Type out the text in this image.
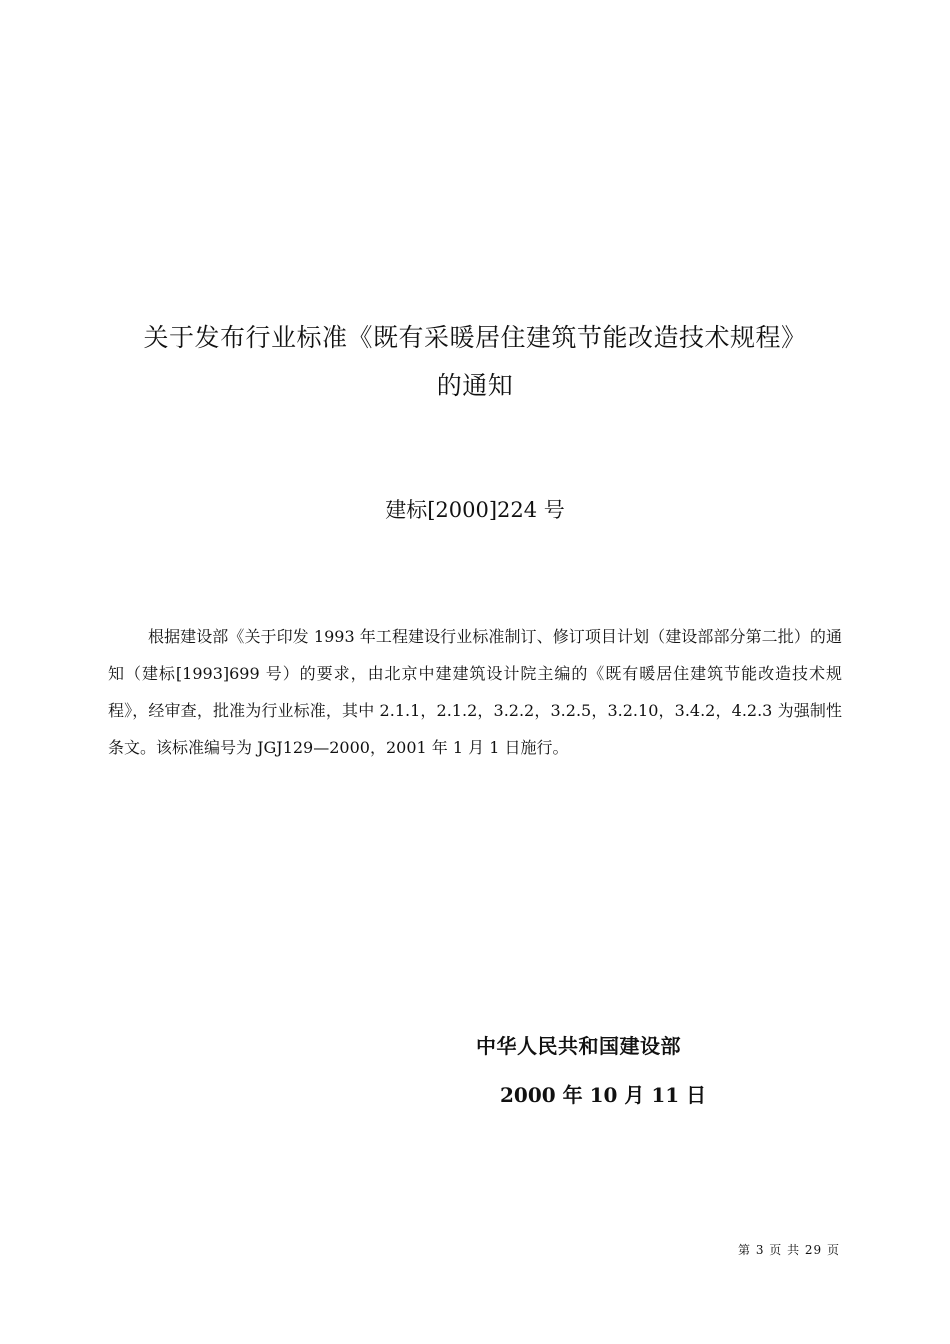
关于发布行业标准《既有采暖居住建筑节能改造技术规程》
的通知
建标[2000]224 号

根据建设部《关于印发 1993 年工程建设行业标准制订、修订项目计划（建设部部分第二批）的通知（建标[1993]699 号）的要求，由北京中建建筑设计院主编的《既有暖居住建筑节能改造技术规程》，经审查，批准为行业标准，其中 2.1.1，2.1.2，3.2.2，3.2.5，3.2.10，3.4.2，4.2.3 为强制性条文。该标准编号为 JGJ129—2000，2001 年 1 月 1 日施行。

中华人民共和国建设部
2000 年 10 月 11 日
第 3 页 共 29 页
